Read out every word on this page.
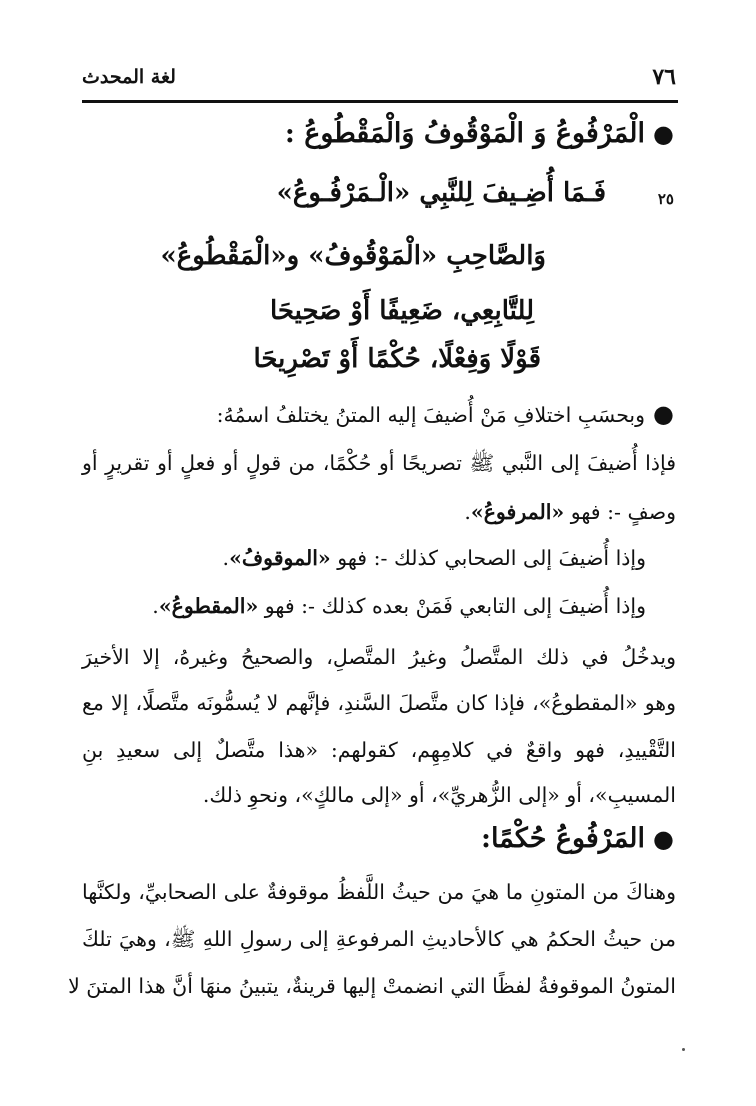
٧٦
لغة المحدث
●الْمَرْفُوعُ وَ الْمَوْقُوفُ وَالْمَقْطُوعُ :
٢٥
فَـمَا أُضِـيفَ لِلنَّبِي «الْـمَرْفُـوعُ»
وَالصَّاحِبِ «الْمَوْقُوفُ» و«الْمَقْطُوعُ»
لِلتَّابِعِي، ضَعِيفًا أَوْ صَحِيحَا
قَوْلًا وَفِعْلًا، حُكْمًا أَوْ تَصْرِيحَا
●وبحسَبِ اختلافِ مَنْ أُضيفَ إليه المتنُ يختلفُ اسمُهُ:
فإذا أُضيفَ إلى النَّبي ﷺ تصريحًا أو حُكْمًا، من قولٍ أو فعلٍ أو تقريرٍ أو
وصفٍ -: فهو «المرفوعُ».
وإذا أُضيفَ إلى الصحابي كذلك -: فهو «الموقوفُ».
وإذا أُضيفَ إلى التابعي فَمَنْ بعده كذلك -: فهو «المقطوعُ».
ويدخُلُ في ذلك المتَّصلُ وغيرُ المتَّصلِ، والصحيحُ وغيرهُ، إلا الأخيرَ
وهو «المقطوعُ»، فإذا كان متَّصلَ السَّندِ، فإنَّهم لا يُسمُّونَه متَّصلًا، إلا مع
التَّقْييدِ، فهو واقعٌ في كلامِهِم، كقولهم: «هذا متَّصلٌ إلى سعيدِ بنِ
المسيبِ»، أو «إلى الزُّهريِّ»، أو «إلى مالكٍ»، ونحوِ ذلك.
●المَرْفُوعُ حُكْمًا:
وهناكَ من المتونِ ما هيَ من حيثُ اللَّفظُ موقوفةٌ على الصحابيِّ، ولكنَّها
من حيثُ الحكمُ هي كالأحاديثِ المرفوعةِ إلى رسولِ اللهِ ﷺ، وهيَ تلكَ
المتونُ الموقوفةُ لفظًا التي انضمتْ إليها قرينةٌ، يتبينُ منهَا أنَّ هذا المتنَ لا
